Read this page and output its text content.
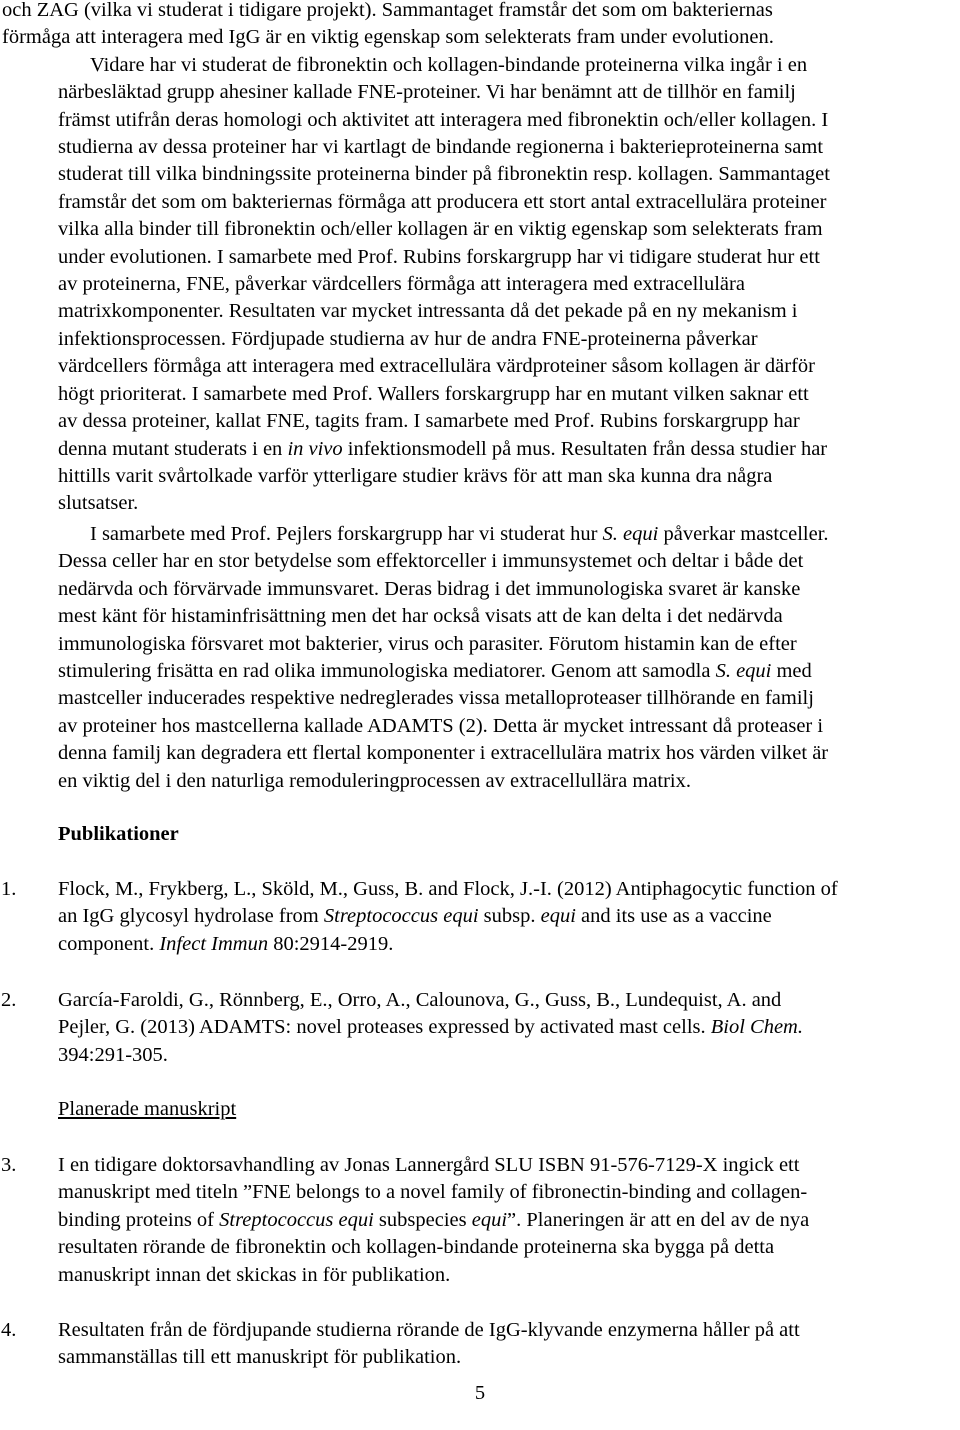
och ZAG (vilka vi studerat i tidigare projekt). Sammantaget framstår det som om bakteriernas
förmåga att interagera med IgG är en viktig egenskap som selekterats fram under evolutionen.
Vidare har vi studerat de fibronektin och kollagen-bindande proteinerna vilka ingår i en
närbesläktad grupp ahesiner kallade FNE-proteiner. Vi har benämnt att de tillhör en familj
främst utifrån deras homologi och aktivitet att interagera med fibronektin och/eller kollagen. I
studierna av dessa proteiner har vi kartlagt de bindande regionerna i bakterieproteinerna samt
studerat till vilka bindningssite proteinerna binder på fibronektin resp. kollagen. Sammantaget
framstår det som om bakteriernas förmåga att producera ett stort antal extracellulära proteiner
vilka alla binder till fibronektin och/eller kollagen är en viktig egenskap som selekterats fram
under evolutionen. I samarbete med Prof. Rubins forskargrupp har vi tidigare studerat hur ett
av proteinerna, FNE, påverkar värdcellers förmåga att interagera med extracellulära
matrixkomponenter. Resultaten var mycket intressanta då det pekade på en ny mekanism i
infektionsprocessen. Fördjupade studierna av hur de andra FNE-proteinerna påverkar
värdcellers förmåga att interagera med extracellulära värdproteiner såsom kollagen är därför
högt prioriterat. I samarbete med Prof. Wallers forskargrupp har en mutant vilken saknar ett
av dessa proteiner, kallat FNE, tagits fram. I samarbete med Prof. Rubins forskargrupp har
denna mutant studerats i en in vivo infektionsmodell på mus. Resultaten från dessa studier har
hittills varit svårtolkade varför ytterligare studier krävs för att man ska kunna dra några
slutsatser.
I samarbete med Prof. Pejlers forskargrupp har vi studerat hur S. equi påverkar mastceller.
Dessa celler har en stor betydelse som effektorceller i immunsystemet och deltar i både det
nedärvda och förvärvade immunsvaret. Deras bidrag i det immunologiska svaret är kanske
mest känt för histaminfrisättning men det har också visats att de kan delta i det nedärvda
immunologiska försvaret mot bakterier, virus och parasiter. Förutom histamin kan de efter
stimulering frisätta en rad olika immunologiska mediatorer. Genom att samodla S. equi med
mastceller inducerades respektive nedreglerades vissa metalloproteaser tillhörande en familj
av proteiner hos mastcellerna kallade ADAMTS (2). Detta är mycket intressant då proteaser i
denna familj kan degradera ett flertal komponenter i extracellulära matrix hos värden vilket är
en viktig del i den naturliga remoduleringprocessen av extracellullära matrix.
Publikationer
1. Flock, M., Frykberg, L., Sköld, M., Guss, B. and Flock, J.-I. (2012) Antiphagocytic function of
an IgG glycosyl hydrolase from Streptococcus equi subsp. equi and its use as a vaccine
component. Infect Immun 80:2914-2919.
2. García-Faroldi, G., Rönnberg, E., Orro, A., Calounova, G., Guss, B., Lundequist, A. and
Pejler, G. (2013) ADAMTS: novel proteases expressed by activated mast cells. Biol Chem.
394:291-305.

Planerade manuskript

3. I en tidigare doktorsavhandling av Jonas Lannergård SLU ISBN 91-576-7129-X ingick ett
manuskript med titeln ”FNE belongs to a novel family of fibronectin-binding and collagen-
binding proteins of Streptococcus equi subspecies equi”. Planeringen är att en del av de nya
resultaten rörande de fibronektin och kollagen-bindande proteinerna ska bygga på detta
manuskript innan det skickas in för publikation.
4. Resultaten från de fördjupande studierna rörande de IgG-klyvande enzymerna håller på att
sammanställas till ett manuskript för publikation.
5
